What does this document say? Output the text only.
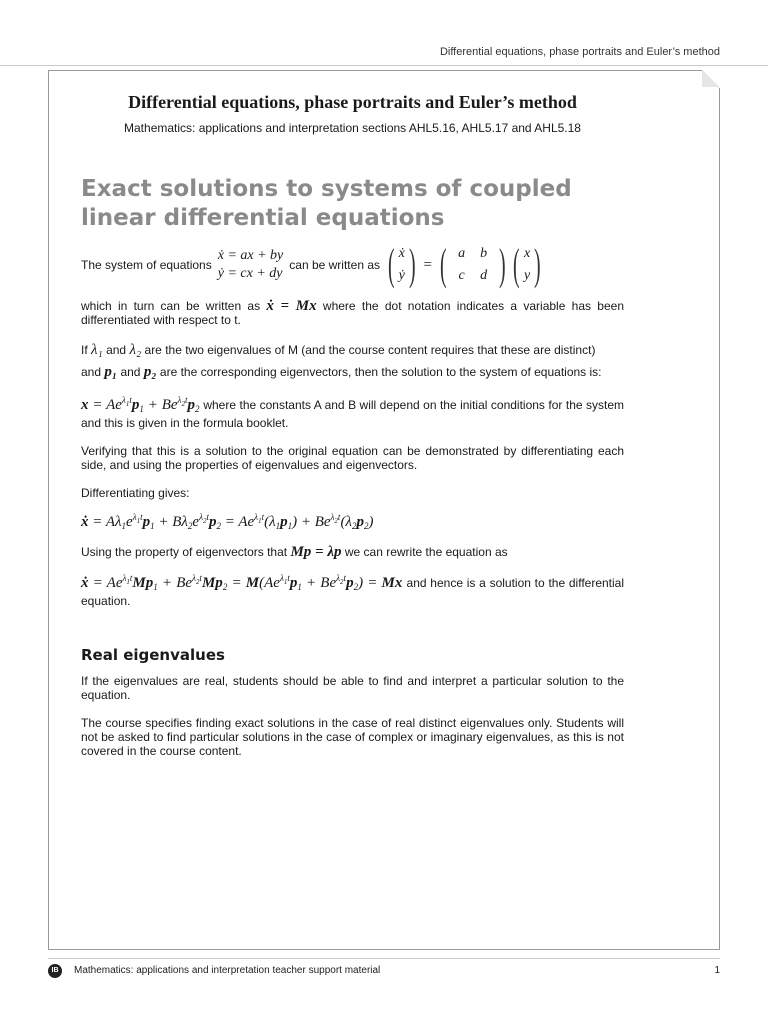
Differential equations, phase portraits and Euler’s method
Differential equations, phase portraits and Euler’s method

Mathematics: applications and interpretation sections AHL5.16, AHL5.17 and AHL5.18

Exact solutions to systems of coupled
linear differential equations
The system of equations
ẋ = ax + by
ẏ = cx + dy
can be written as ( ẋ
ẏ ) = ( a	b
c	d ) ( x
y )

which in turn can be written as ẋ = Mx where the dot notation indicates a variable has been differentiated with respect to t.

If λ₁ and λ₂ are the two eigenvalues of M (and the course content requires that these are distinct)

and p₁ and p₂ are the corresponding eigenvectors, then the solution to the system of equations is:

$x = Ae^{\lambda_1t}p_1 + Be^{\lambda_2t}p_2$ where the constants A and B will depend on the initial conditions for the system and this is given in the formula booklet.

Verifying that this is a solution to the original equation can be demonstrated by differentiating each side, and using the properties of eigenvalues and eigenvectors.

Differentiating gives:

ẋ = $A\lambda_1e^{\lambda_1t}p_1 + B\lambda_2e^{\lambda_2t}p_2 = Ae^{\lambda_1t}(\lambda_1p_1) + Be^{\lambda_2t}(\lambda_2p_2)$

Using the property of eigenvectors that Mp = λp we can rewrite the equation as

ẋ = $Ae^{\lambda_1t}Mp_1 + Be^{\lambda_2t}Mp_2 = M(Ae^{\lambda_1t}p_1 + Be^{\lambda_2t}p_2) = Mx$ and hence is a solution to the differential equation.

Real eigenvalues

If the eigenvalues are real, students should be able to find and interpret a particular solution to the equation.

The course specifies finding exact solutions in the case of real distinct eigenvalues only. Students will not be asked to find particular solutions in the case of complex or imaginary eigenvalues, as this is not covered in the course content.

IB	Mathematics: applications and interpretation teacher support material	1
